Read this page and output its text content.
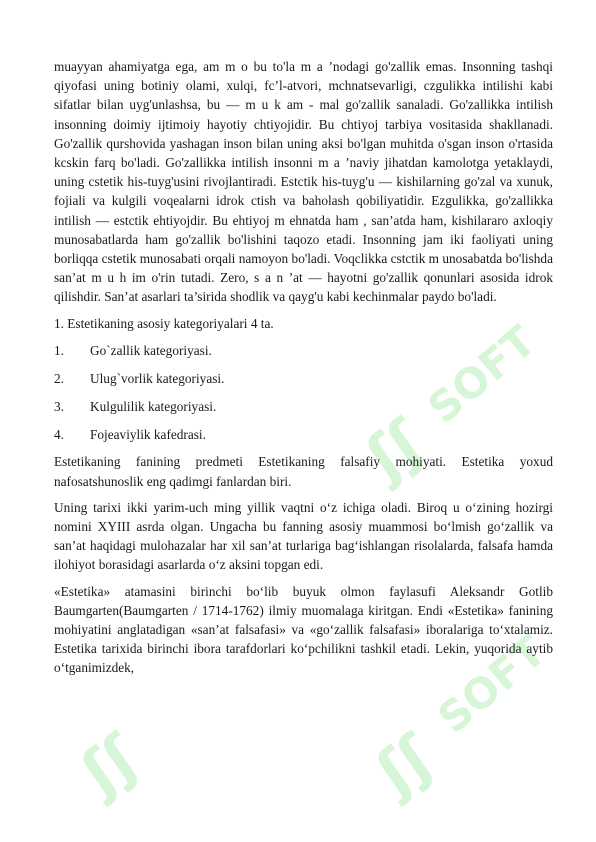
ʃʃ
ʃʃ	ʃʃ
SOFT
SOFT

muayyan ahamiyatga ega, am m o bu to'la m a ’nodagi go'zallik emas. Insonning tashqi qiyofasi uning botiniy olami, xulqi, fc’l-atvori, mchnatsevarligi, czgulikka intilishi kabi sifatlar bilan uyg'unlashsa, bu — m u k am - mal go'zallik sanaladi. Go'zallikka intilish insonning doimiy ijtimoiy hayotiy chtiyojidir. Bu chtiyoj tarbiya vositasida shakllanadi. Go'zallik qurshovida yashagan inson bilan uning aksi bo'lgan muhitda o'sgan inson o'rtasida kcskin farq bo'ladi. Go'zallikka intilish insonni m a ’naviy jihatdan kamolotga yetaklaydi, uning cstetik his-tuyg'usini rivojlantiradi. Estctik his-tuyg'u — kishilarning go'zal va xunuk, fojiali va kulgili voqealarni idrok ctish va baholash qobiliyatidir. Ezgulikka, go'zallikka intilish — estctik ehtiyojdir. Bu ehtiyoj m ehnatda ham , san’atda ham, kishilararo axloqiy munosabatlarda ham go'zallik bo'lishini taqozo etadi. Insonning jam iki faoliyati uning borliqqa cstetik munosabati orqali namoyon bo'ladi. Voqclikka cstctik m unosabatda bo'lishda san’at m u h im o'rin tutadi. Zero, s a n ’at — hayotni go'zallik qonunlari asosida idrok qilishdir. San’at asarlari ta’sirida shodlik va qayg'u kabi kechinmalar paydo bo'ladi.

1. Estetikaning asosiy kategoriyalari 4 ta.

1.	Go`zallik kategoriyasi.
2.	Ulug`vorlik kategoriyasi.
3.	Kulgulilik kategoriyasi.
4.	Fojeaviylik kafedrasi.

Estetikaning fanining predmeti Estetikaning falsafiy mohiyati. Estetika yoxud nafosatshunoslik eng qadimgi fanlardan biri.

Uning tarixi ikki yarim-uch ming yillik vaqtni o‘z ichiga oladi. Biroq u o‘zining hozirgi nomini XYIII asrda olgan. Ungacha bu fanning asosiy muammosi bo‘lmish go‘zallik va san’at haqidagi mulohazalar har xil san’at turlariga bag‘ishlangan risolalarda, falsafa hamda ilohiyot borasidagi asarlarda o‘z aksini topgan edi.

«Estetika» atamasini birinchi bo‘lib buyuk olmon faylasufi Aleksandr Gotlib Baumgarten(Baumgarten / 1714-1762) ilmiy muomalaga kiritgan. Endi «Estetika» fanining mohiyatini anglatadigan «san’at falsafasi» va «go‘zallik falsafasi» iboralariga to‘xtalamiz. Estetika tarixida birinchi ibora tarafdorlari ko‘pchilikni tashkil etadi. Lekin, yuqorida aytib o‘tganimizdek,
